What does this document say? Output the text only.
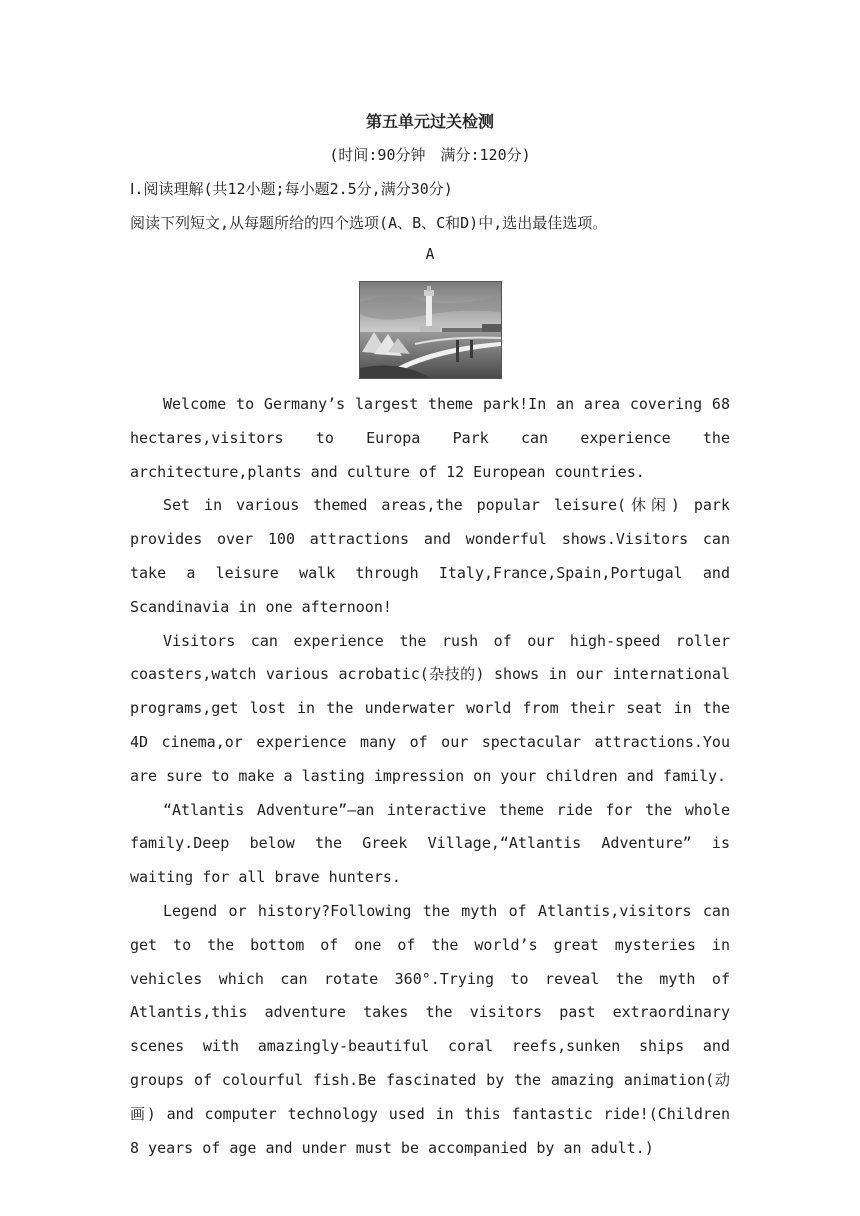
第五单元过关检测
(时间:90分钟　满分:120分)
Ⅰ.阅读理解(共12小题;每小题2.5分,满分30分)
阅读下列短文,从每题所给的四个选项(A、B、C和D)中,选出最佳选项。
A

Welcome to Germany’s largest theme park!In an area covering 68 hectares,visitors to Europa Park can experience the architecture,plants and culture of 12 European countries.

Set in various themed areas,the popular leisure(休闲) park provides over 100 attractions and wonderful shows.Visitors can take a leisure walk through Italy,France,Spain,Portugal and Scandinavia in one afternoon!

Visitors can experience the rush of our high-speed roller coasters,watch various acrobatic(杂技的) shows in our international programs,get lost in the underwater world from their seat in the 4D cinema,or experience many of our spectacular attractions.You are sure to make a lasting impression on your children and family.

“Atlantis Adventure”—an interactive theme ride for the whole family.Deep below the Greek Village,“Atlantis Adventure” is waiting for all brave hunters.

Legend or history?Following the myth of Atlantis,visitors can get to the bottom of one of the world’s great mysteries in vehicles which can rotate 360°.Trying to reveal the myth of Atlantis,this adventure takes the visitors past extraordinary scenes with amazingly-beautiful coral reefs,sunken ships and groups of colourful fish.Be fascinated by the amazing animation(动画) and computer technology used in this fantastic ride!(Children 8 years of age and under must be accompanied by an adult.)
